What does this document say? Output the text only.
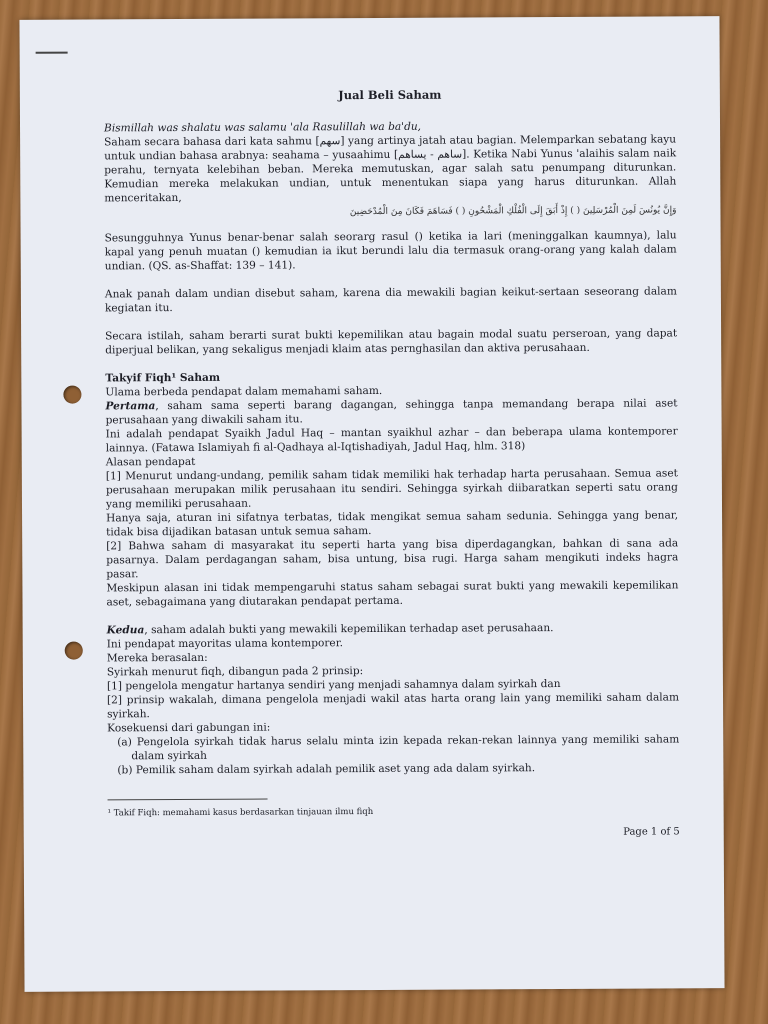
Jual Beli Saham

Bismillah was shalatu was salamu 'ala Rasulillah wa ba'du,

Saham secara bahasa dari kata sahmu [سهم] yang artinya jatah atau bagian. Melemparkan sebatang kayu untuk undian bahasa arabnya: seahama – yusaahimu [ساهم - يساهم]. Ketika Nabi Yunus 'alaihis salam naik perahu, ternyata kelebihan beban. Mereka memutuskan, agar salah satu penumpang diturunkan. Kemudian mereka melakukan undian, untuk menentukan siapa yang harus diturunkan. Allah menceritakan,

وَإِنَّ يُونُسَ لَمِنَ الْمُرْسَلِينَ ( ) إِذْ أَبَقَ إِلَى الْفُلْكِ الْمَشْحُونِ ( ) فَسَاهَمَ فَكَانَ مِنَ الْمُدْحَضِينَ

Sesungguhnya Yunus benar-benar salah seorarg rasul () ketika ia lari (meninggalkan kaumnya), lalu kapal yang penuh muatan () kemudian ia ikut berundi lalu dia termasuk orang-orang yang kalah dalam undian. (QS. as-Shaffat: 139 – 141).

Anak panah dalam undian disebut saham, karena dia mewakili bagian keikut-sertaan seseorang dalam kegiatan itu.

Secara istilah, saham berarti surat bukti kepemilikan atau bagain modal suatu perseroan, yang dapat diperjual belikan, yang sekaligus menjadi klaim atas pernghasilan dan aktiva perusahaan.

Takyif Fiqh¹ Saham

Ulama berbeda pendapat dalam memahami saham.

Pertama, saham sama seperti barang dagangan, sehingga tanpa memandang berapa nilai aset perusahaan yang diwakili saham itu.

Ini adalah pendapat Syaikh Jadul Haq – mantan syaikhul azhar – dan beberapa ulama kontemporer lainnya. (Fatawa Islamiyah fi al-Qadhaya al-Iqtishadiyah, Jadul Haq, hlm. 318)

Alasan pendapat

[1] Menurut undang-undang, pemilik saham tidak memiliki hak terhadap harta perusahaan. Semua aset perusahaan merupakan milik perusahaan itu sendiri. Sehingga syirkah diibaratkan seperti satu orang yang memiliki perusahaan.

Hanya saja, aturan ini sifatnya terbatas, tidak mengikat semua saham sedunia. Sehingga yang benar, tidak bisa dijadikan batasan untuk semua saham.

[2] Bahwa saham di masyarakat itu seperti harta yang bisa diperdagangkan, bahkan di sana ada pasarnya. Dalam perdagangan saham, bisa untung, bisa rugi. Harga saham mengikuti indeks hagra pasar.

Meskipun alasan ini tidak mempengaruhi status saham sebagai surat bukti yang mewakili kepemilikan aset, sebagaimana yang diutarakan pendapat pertama.

Kedua, saham adalah bukti yang mewakili kepemilikan terhadap aset perusahaan.

Ini pendapat mayoritas ulama kontemporer.

Mereka berasalan:

Syirkah menurut fiqh, dibangun pada 2 prinsip:

[1] pengelola mengatur hartanya sendiri yang menjadi sahamnya dalam syirkah dan

[2] prinsip wakalah, dimana pengelola menjadi wakil atas harta orang lain yang memiliki saham dalam syirkah.

Kosekuensi dari gabungan ini:

(a) Pengelola syirkah tidak harus selalu minta izin kepada rekan-rekan lainnya yang memiliki saham dalam syirkah

(b) Pemilik saham dalam syirkah adalah pemilik aset yang ada dalam syirkah.

¹ Takif Fiqh: memahami kasus berdasarkan tinjauan ilmu fiqh

Page 1 of 5
